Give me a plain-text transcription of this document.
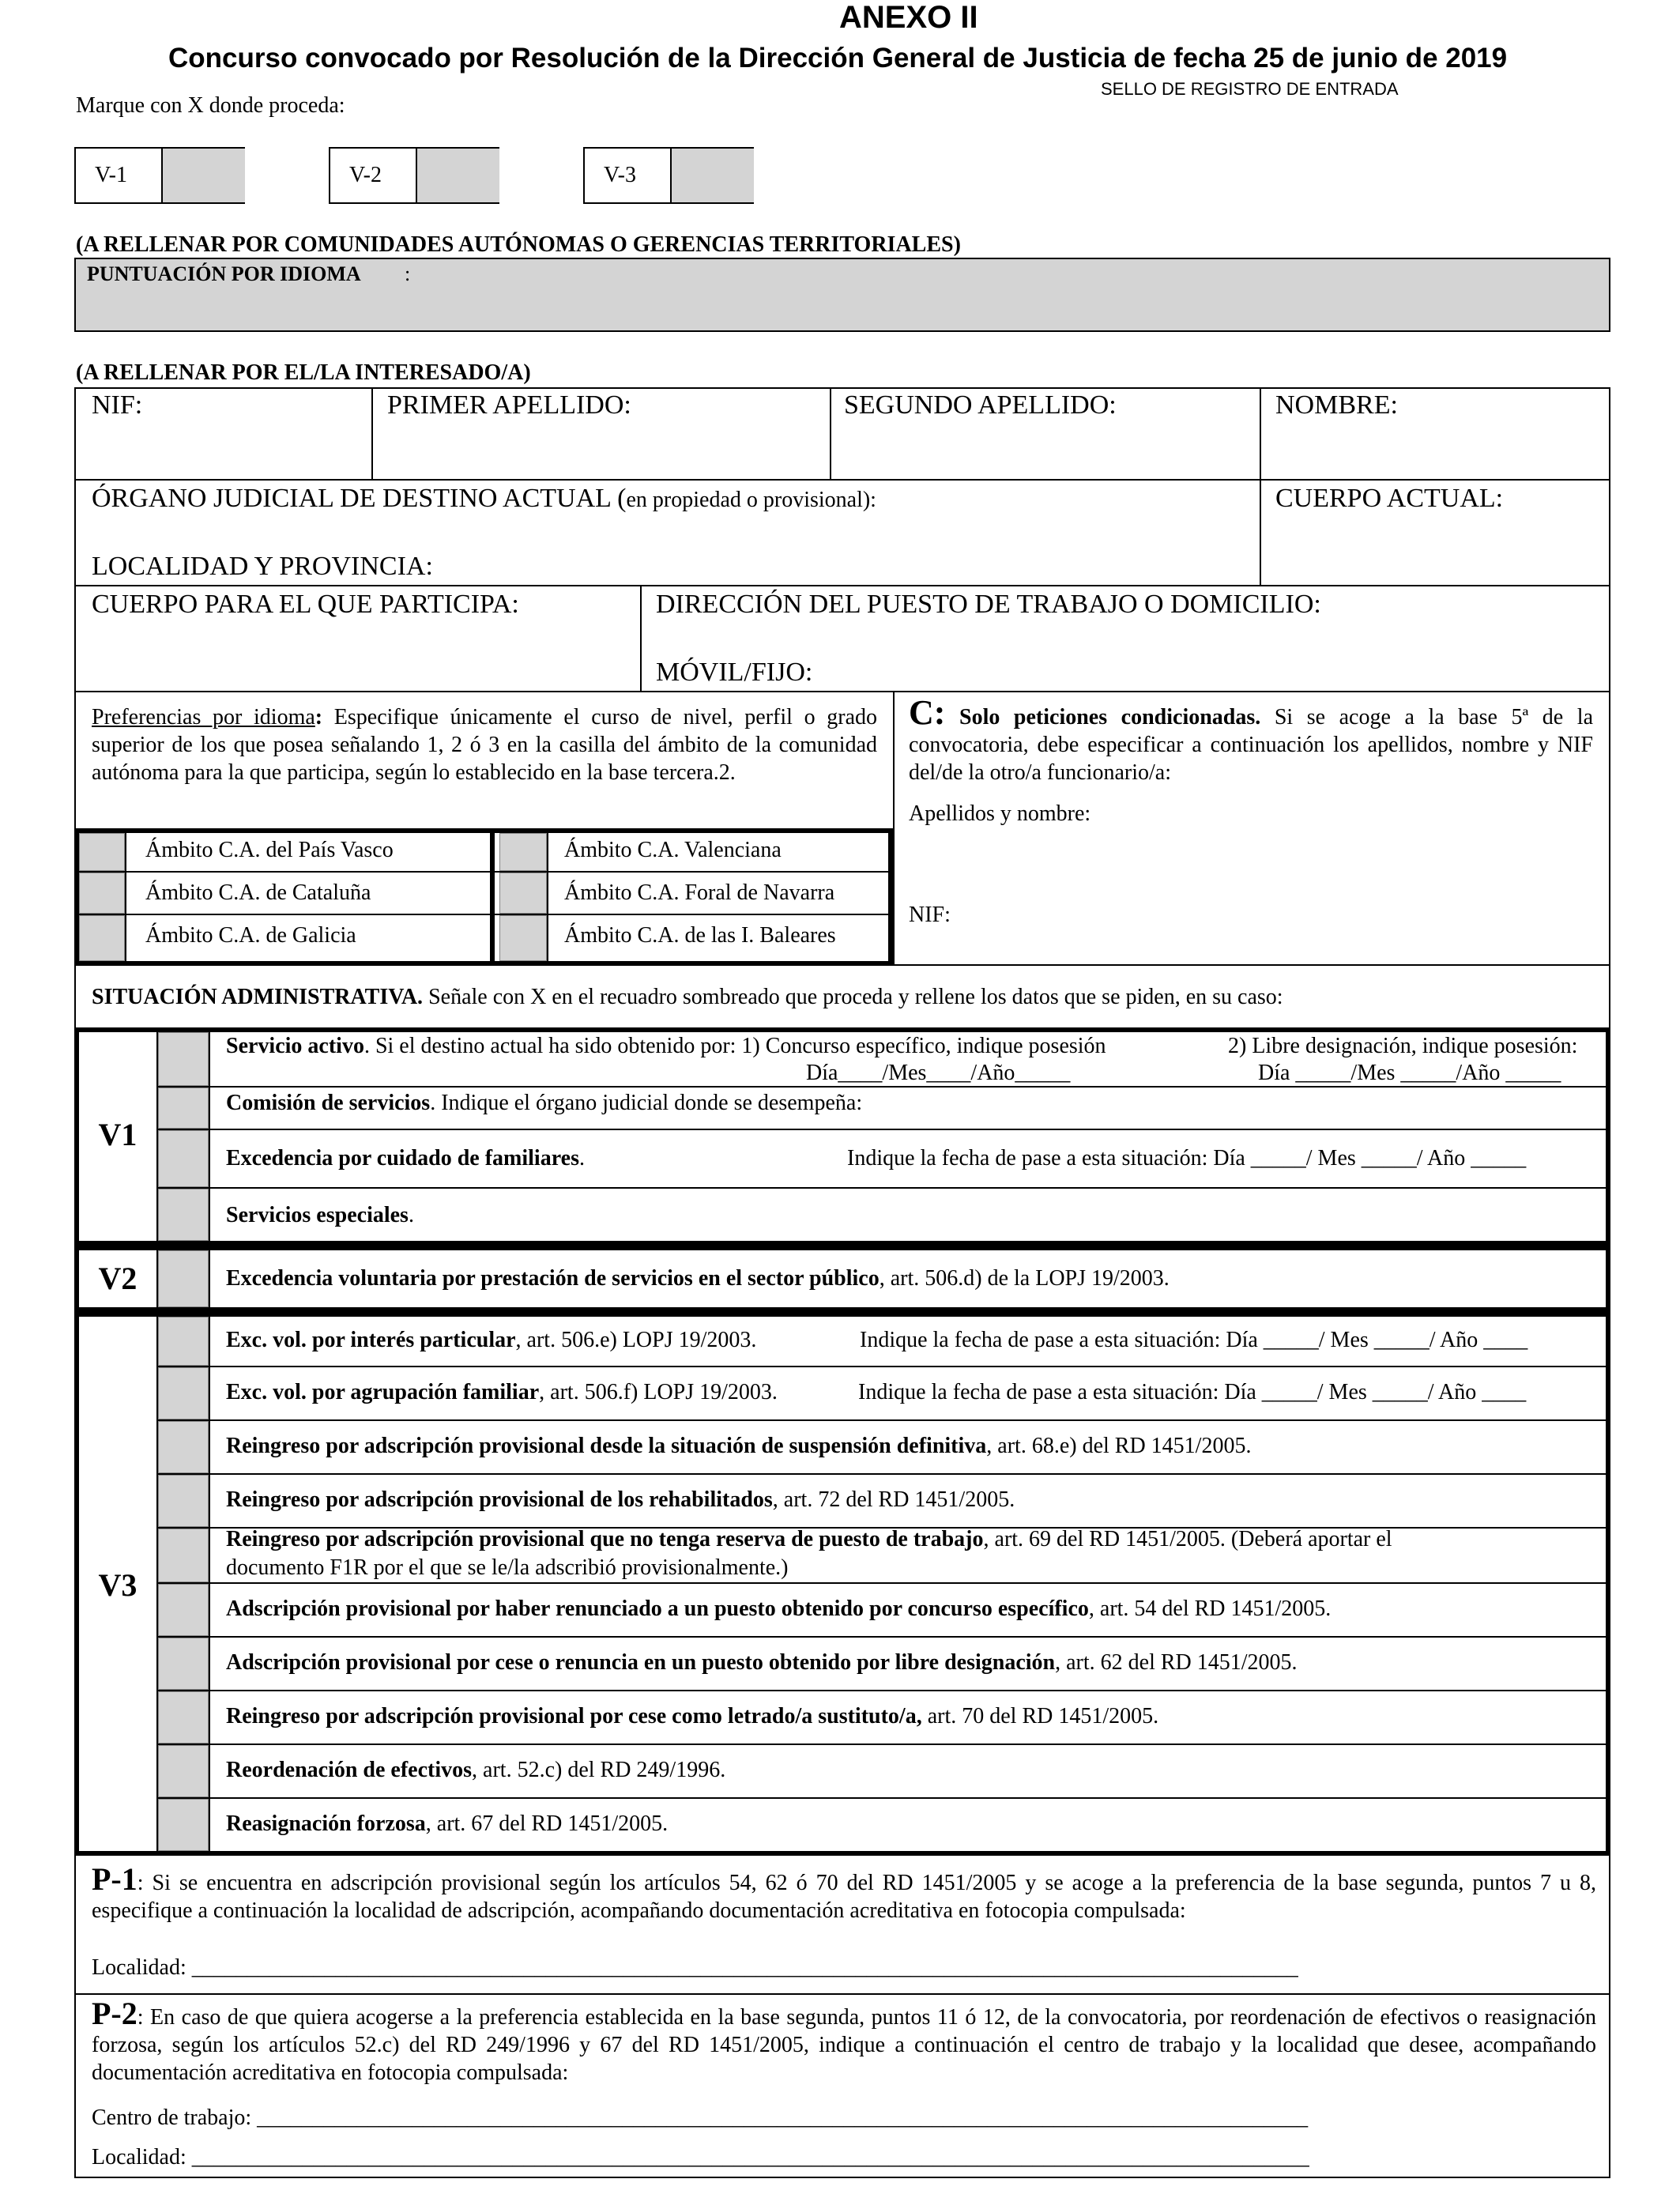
ANEXO II
Concurso convocado por Resolución de la Dirección General de Justicia de fecha 25 de junio de 2019
SELLO DE REGISTRO DE ENTRADA
Marque con X donde proceda:
V-1	V-2	V-3
(A RELLENAR POR COMUNIDADES AUTÓNOMAS O GERENCIAS TERRITORIALES)
PUNTUACIÓN POR IDIOMA :
(A RELLENAR POR EL/LA INTERESADO/A)
NIF:	PRIMER APELLIDO:	SEGUNDO APELLIDO:	NOMBRE:
ÓRGANO JUDICIAL DE DESTINO ACTUAL (en propiedad o provisional):	CUERPO ACTUAL:
LOCALIDAD Y PROVINCIA:
CUERPO PARA EL QUE PARTICIPA:	DIRECCIÓN DEL PUESTO DE TRABAJO O DOMICILIO:
MÓVIL/FIJO:
Preferencias por idioma: Especifique únicamente el curso de nivel, perfil o grado superior de los que posea señalando 1, 2 ó 3 en la casilla del ámbito de la comunidad autónoma para la que participa, según lo establecido en la base tercera.2.
Ámbito C.A. del País Vasco
Ámbito C.A. de Cataluña
Ámbito C.A. de Galicia
Ámbito C.A. Valenciana
Ámbito C.A. Foral de Navarra
Ámbito C.A. de las I. Baleares
C: Solo peticiones condicionadas. Si se acoge a la base 5ª de la convocatoria, debe especificar a continuación los apellidos, nombre y NIF del/de la otro/a funcionario/a:
Apellidos y nombre:
NIF:
SITUACIÓN ADMINISTRATIVA. Señale con X en el recuadro sombreado que proceda y rellene los datos que se piden, en su caso:
V1
Servicio activo. Si el destino actual ha sido obtenido por: 1) Concurso específico, indique posesión	2) Libre designación, indique posesión:
Día____/Mes____/Año_____	Día _____/Mes _____/Año _____
Comisión de servicios. Indique el órgano judicial donde se desempeña:
Excedencia por cuidado de familiares.	Indique la fecha de pase a esta situación: Día _____/ Mes _____/ Año _____
Servicios especiales.
V2	Excedencia voluntaria por prestación de servicios en el sector público, art. 506.d) de la LOPJ 19/2003.
V3
Exc. vol. por interés particular, art. 506.e) LOPJ 19/2003.	Indique la fecha de pase a esta situación: Día _____/ Mes _____/ Año ____
Exc. vol. por agrupación familiar, art. 506.f) LOPJ 19/2003.	Indique la fecha de pase a esta situación: Día _____/ Mes _____/ Año ____
Reingreso por adscripción provisional desde la situación de suspensión definitiva, art. 68.e) del RD 1451/2005.
Reingreso por adscripción provisional de los rehabilitados, art. 72 del RD 1451/2005.
Reingreso por adscripción provisional que no tenga reserva de puesto de trabajo, art. 69 del RD 1451/2005. (Deberá aportar el
documento F1R por el que se le/la adscribió provisionalmente.)
Adscripción provisional por haber renunciado a un puesto obtenido por concurso específico, art. 54 del RD 1451/2005.
Adscripción provisional por cese o renuncia en un puesto obtenido por libre designación, art. 62 del RD 1451/2005.
Reingreso por adscripción provisional por cese como letrado/a sustituto/a, art. 70 del RD 1451/2005.
Reordenación de efectivos, art. 52.c) del RD 249/1996.
Reasignación forzosa, art. 67 del RD 1451/2005.
P-1: Si se encuentra en adscripción provisional según los artículos 54, 62 ó 70 del RD 1451/2005 y se acoge a la preferencia de la base segunda, puntos 7 u 8, especifique a continuación la localidad de adscripción, acompañando documentación acreditativa en fotocopia compulsada:
Localidad: ____________________________________________________________________________________________________
P-2: En caso de que quiera acogerse a la preferencia establecida en la base segunda, puntos 11 ó 12, de la convocatoria, por reordenación de efectivos o reasignación forzosa, según los artículos 52.c) del RD 249/1996 y 67 del RD 1451/2005, indique a continuación el centro de trabajo y la localidad que desee, acompañando documentación acreditativa en fotocopia compulsada:
Centro de trabajo: _______________________________________________________________________________________________
Localidad: _____________________________________________________________________________________________________
